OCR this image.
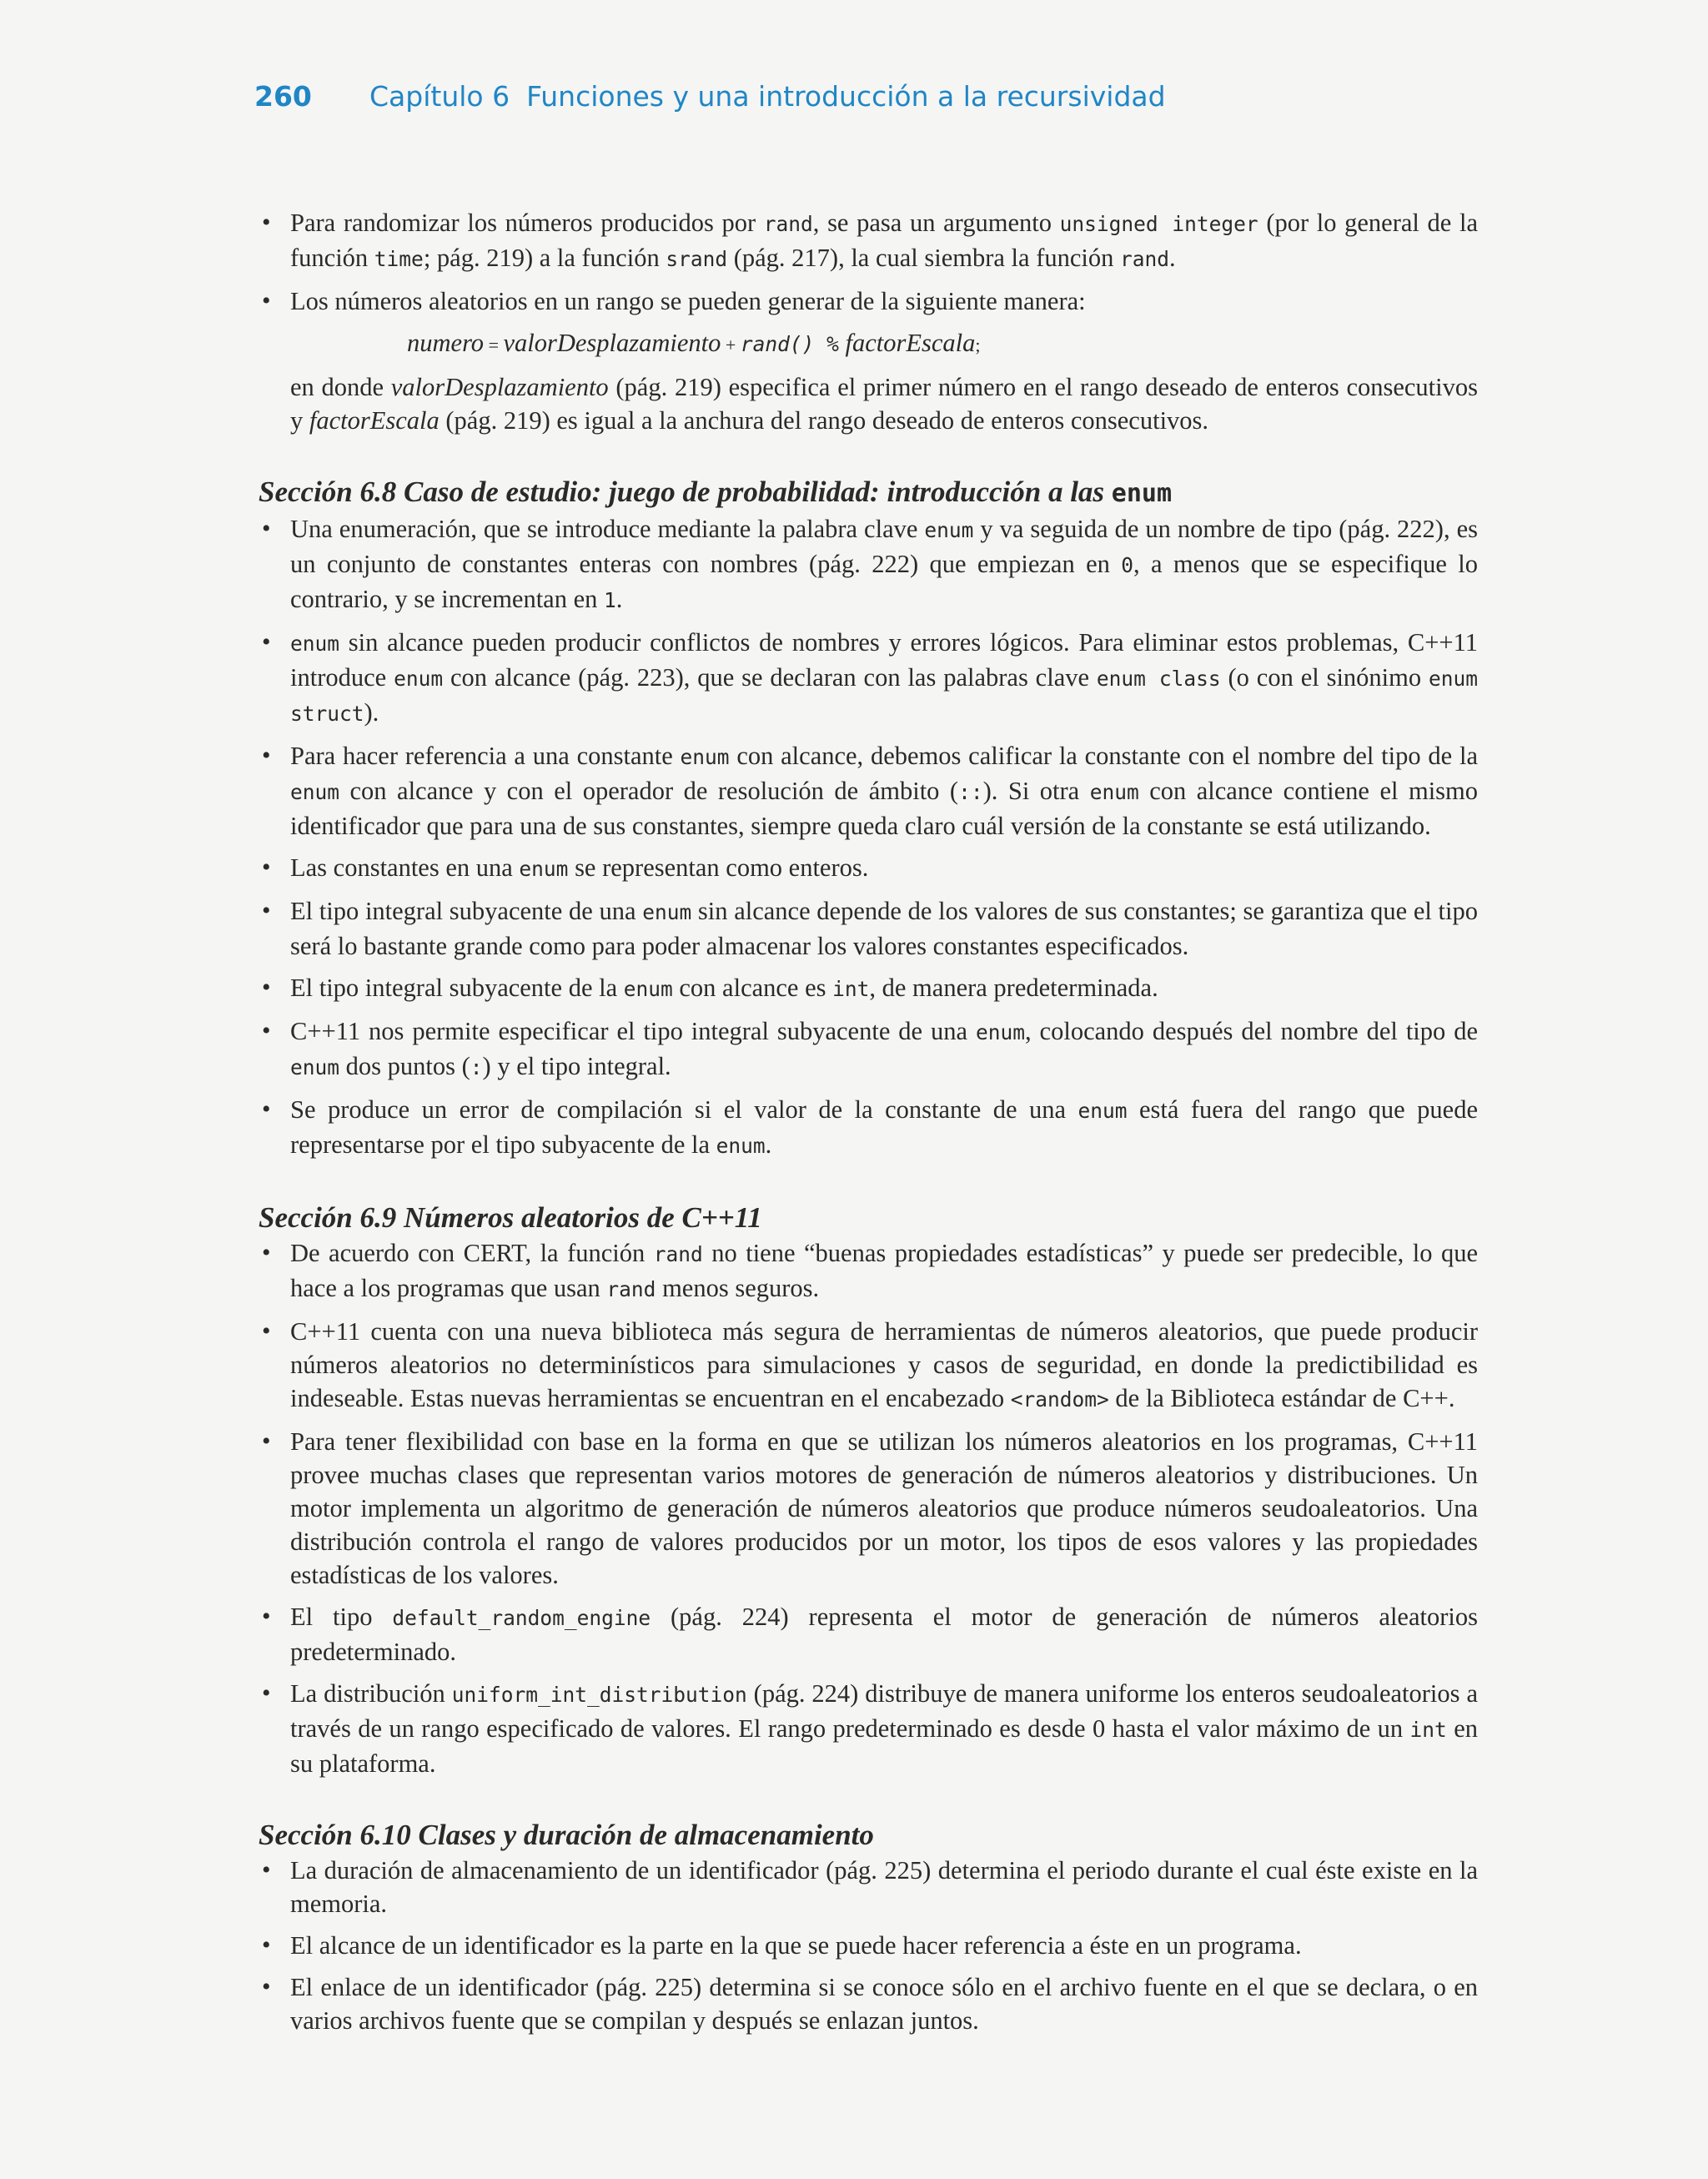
260 Capítulo 6 Funciones y una introducción a la recursividad
• Para randomizar los números producidos por rand, se pasa un argumento unsigned integer (por lo general de la función time; pág. 219) a la función srand (pág. 217), la cual siembra la función rand.
• Los números aleatorios en un rango se pueden generar de la siguiente manera:
numero = valorDesplazamiento + rand() % factorEscala;
en donde valorDesplazamiento (pág. 219) especifica el primer número en el rango deseado de enteros consecutivos y factorEscala (pág. 219) es igual a la anchura del rango deseado de enteros consecutivos.
Sección 6.8 Caso de estudio: juego de probabilidad: introducción a las enum
• Una enumeración, que se introduce mediante la palabra clave enum y va seguida de un nombre de tipo (pág. 222), es un conjunto de constantes enteras con nombres (pág. 222) que empiezan en 0, a menos que se especifique lo contrario, y se incrementan en 1.
• enum sin alcance pueden producir conflictos de nombres y errores lógicos. Para eliminar estos problemas, C++11 introduce enum con alcance (pág. 223), que se declaran con las palabras clave enum class (o con el sinónimo enum struct).
• Para hacer referencia a una constante enum con alcance, debemos calificar la constante con el nombre del tipo de la enum con alcance y con el operador de resolución de ámbito (::). Si otra enum con alcance contiene el mismo identificador que para una de sus constantes, siempre queda claro cuál versión de la constante se está utilizando.
• Las constantes en una enum se representan como enteros.
• El tipo integral subyacente de una enum sin alcance depende de los valores de sus constantes; se garantiza que el tipo será lo bastante grande como para poder almacenar los valores constantes especificados.
• El tipo integral subyacente de la enum con alcance es int, de manera predeterminada.
• C++11 nos permite especificar el tipo integral subyacente de una enum, colocando después del nombre del tipo de enum dos puntos (:) y el tipo integral.
• Se produce un error de compilación si el valor de la constante de una enum está fuera del rango que puede representarse por el tipo subyacente de la enum.
Sección 6.9 Números aleatorios de C++11
• De acuerdo con CERT, la función rand no tiene “buenas propiedades estadísticas” y puede ser predecible, lo que hace a los programas que usan rand menos seguros.
• C++11 cuenta con una nueva biblioteca más segura de herramientas de números aleatorios, que puede producir números aleatorios no determinísticos para simulaciones y casos de seguridad, en donde la predictibilidad es indeseable. Estas nuevas herramientas se encuentran en el encabezado <random> de la Biblioteca estándar de C++.
• Para tener flexibilidad con base en la forma en que se utilizan los números aleatorios en los programas, C++11 provee muchas clases que representan varios motores de generación de números aleatorios y distribuciones. Un motor implementa un algoritmo de generación de números aleatorios que produce números seudoaleatorios. Una distribución controla el rango de valores producidos por un motor, los tipos de esos valores y las propiedades estadísticas de los valores.
• El tipo default_random_engine (pág. 224) representa el motor de generación de números aleatorios predeterminado.
• La distribución uniform_int_distribution (pág. 224) distribuye de manera uniforme los enteros seudoaleatorios a través de un rango especificado de valores. El rango predeterminado es desde 0 hasta el valor máximo de un int en su plataforma.
Sección 6.10 Clases y duración de almacenamiento
• La duración de almacenamiento de un identificador (pág. 225) determina el periodo durante el cual éste existe en la memoria.
• El alcance de un identificador es la parte en la que se puede hacer referencia a éste en un programa.
• El enlace de un identificador (pág. 225) determina si se conoce sólo en el archivo fuente en el que se declara, o en varios archivos fuente que se compilan y después se enlazan juntos.
